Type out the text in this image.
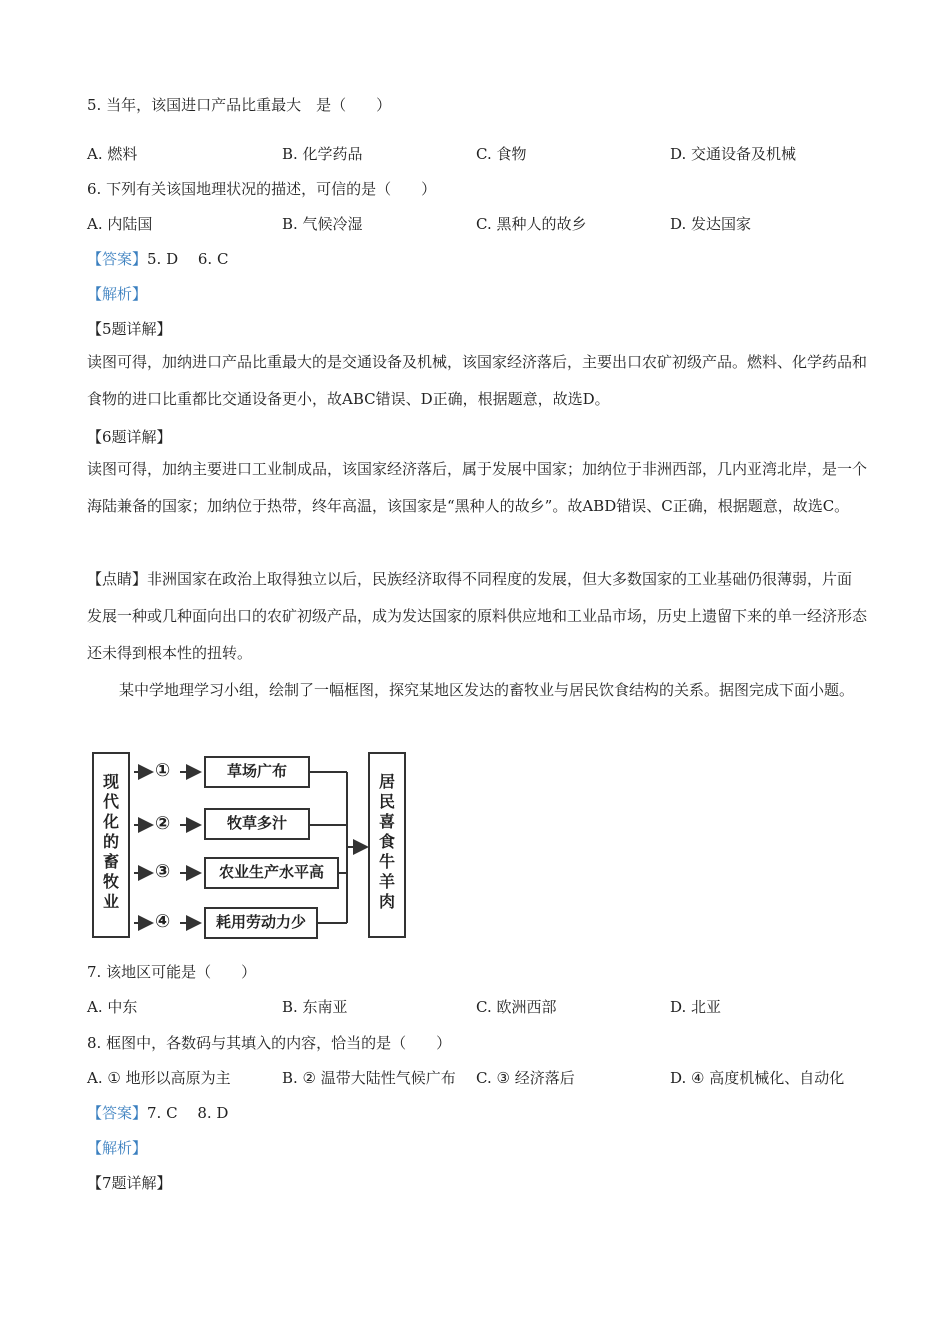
5. 当年，该国进口产品比重最大　是（　　）
A. 燃料	B. 化学药品	C. 食物	D. 交通设备及机械
6. 下列有关该国地理状况的描述，可信的是（　　）
A. 内陆国	B. 气候冷湿	C. 黑种人的故乡	D. 发达国家
【答案】5. D　 6. C
【解析】
【5题详解】
读图可得，加纳进口产品比重最大的是交通设备及机械，该国家经济落后，主要出口农矿初级产品。燃料、化学药品和食物的进口比重都比交通设备更小，故ABC错误、D正确，根据题意，故选D。
【6题详解】
读图可得，加纳主要进口工业制成品，该国家经济落后，属于发展中国家；加纳位于非洲西部，几内亚湾北岸，是一个海陆兼备的国家；加纳位于热带，终年高温，该国家是“黑种人的故乡”。故ABD错误、C正确，根据题意，故选C。
【点睛】非洲国家在政治上取得独立以后，民族经济取得不同程度的发展，但大多数国家的工业基础仍很薄弱，片面发展一种或几种面向出口的农矿初级产品，成为发达国家的原料供应地和工业品市场，历史上遗留下来的单一经济形态还未得到根本性的扭转。
某中学地理学习小组，绘制了一幅框图，探究某地区发达的畜牧业与居民饮食结构的关系。据图完成下面小题。
现代化的畜牧业
①
②
③
④
草场广布
牧草多汁
农业生产水平高
耗用劳动力少
居民喜食牛羊肉
7. 该地区可能是（　　）
A. 中东	B. 东南亚	C. 欧洲西部	D. 北亚
8. 框图中，各数码与其填入的内容，恰当的是（　　）
A. ① 地形以高原为主	B. ② 温带大陆性气候广布 C. ③ 经济落后	D. ④ 高度机械化、自动化
【答案】7. C　 8. D
【解析】
【7题详解】
